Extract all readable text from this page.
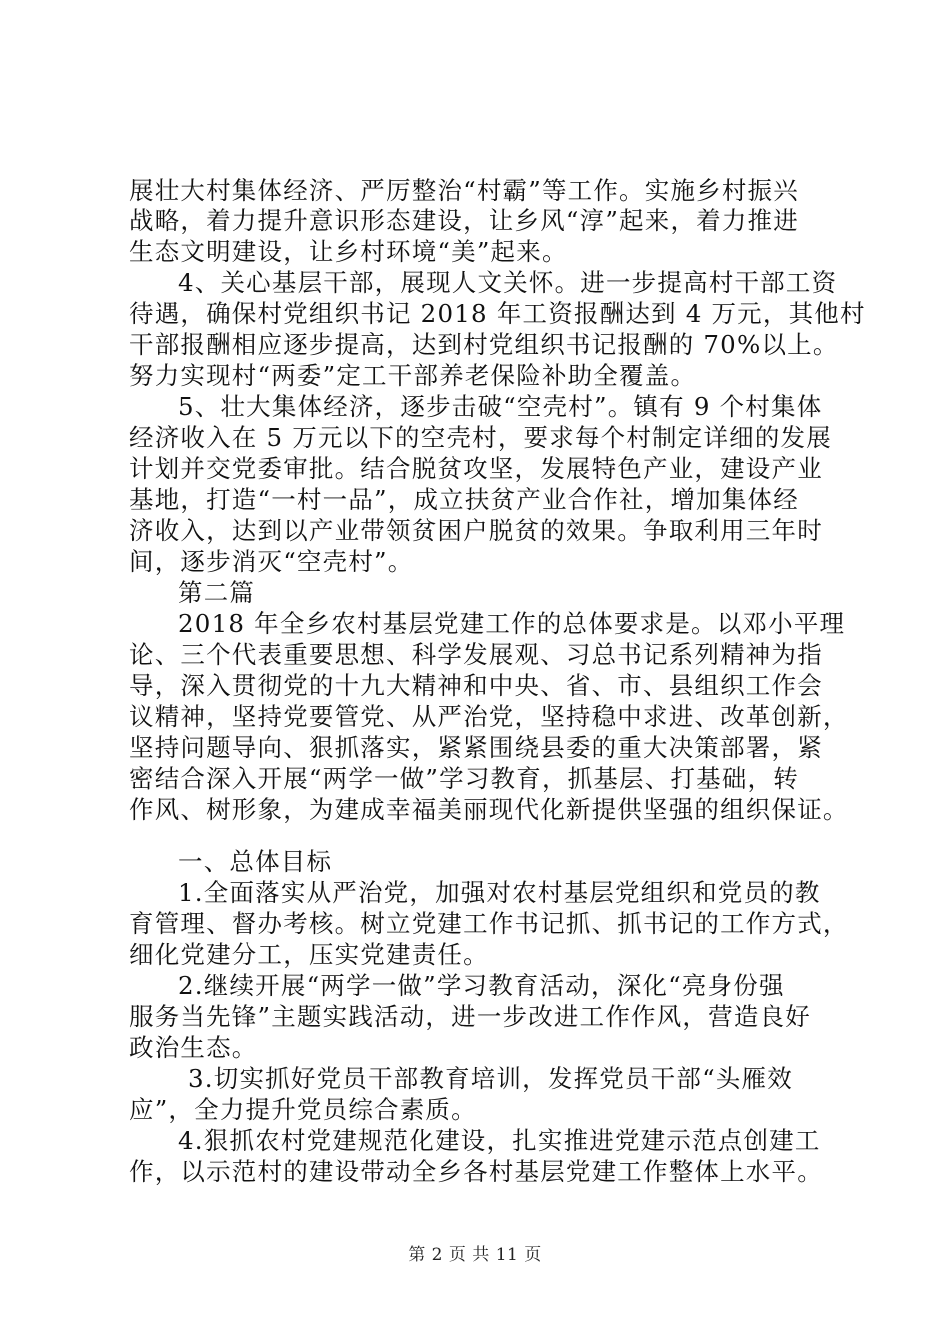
展壮大村集体经济、严厉整治“村霸”等工作。实施乡村振兴
战略，着力提升意识形态建设，让乡风“淳”起来，着力推进
生态文明建设，让乡村环境“美”起来。
4、关心基层干部，展现人文关怀。进一步提高村干部工资
待遇，确保村党组织书记 2018 年工资报酬达到 4 万元，其他村
干部报酬相应逐步提高，达到村党组织书记报酬的 70%以上。
努力实现村“两委”定工干部养老保险补助全覆盖。
5、壮大集体经济，逐步击破“空壳村”。镇有 9 个村集体
经济收入在 5 万元以下的空壳村，要求每个村制定详细的发展
计划并交党委审批。结合脱贫攻坚，发展特色产业，建设产业
基地，打造“一村一品”，成立扶贫产业合作社，增加集体经
济收入，达到以产业带领贫困户脱贫的效果。争取利用三年时
间，逐步消灭“空壳村”。
第二篇
2018 年全乡农村基层党建工作的总体要求是。以邓小平理
论、三个代表重要思想、科学发展观、习总书记系列精神为指
导，深入贯彻党的十九大精神和中央、省、市、县组织工作会
议精神，坚持党要管党、从严治党，坚持稳中求进、改革创新，
坚持问题导向、狠抓落实，紧紧围绕县委的重大决策部署，紧
密结合深入开展“两学一做”学习教育，抓基层、打基础，转
作风、树形象，为建成幸福美丽现代化新提供坚强的组织保证。
一、总体目标
1.全面落实从严治党，加强对农村基层党组织和党员的教
育管理、督办考核。树立党建工作书记抓、抓书记的工作方式，
细化党建分工，压实党建责任。
2.继续开展“两学一做”学习教育活动，深化“亮身份强
服务当先锋”主题实践活动，进一步改进工作作风，营造良好
政治生态。
3.切实抓好党员干部教育培训，发挥党员干部“头雁效
应”，全力提升党员综合素质。
4.狠抓农村党建规范化建设，扎实推进党建示范点创建工
作，以示范村的建设带动全乡各村基层党建工作整体上水平。
第 2 页 共 11 页
